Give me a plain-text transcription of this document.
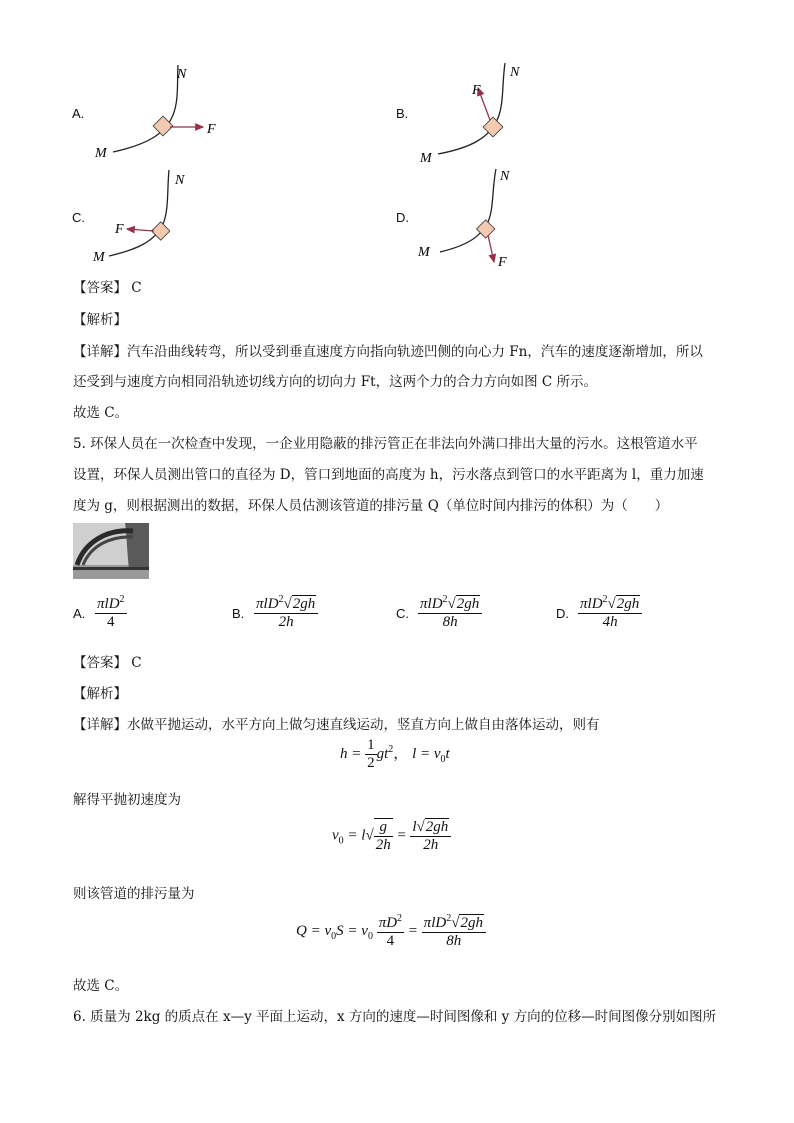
A.	B.
C.	D.
N
M
F
N
M
F
N
M
F
N
M
F
【答案】 C
【解析】
【详解】汽车沿曲线转弯，所以受到垂直速度方向指向轨迹凹侧的向心力 Fn，汽车的速度逐渐增加，所以
还受到与速度方向相同沿轨迹切线方向的切向力 Ft，这两个力的合力方向如图 C 所示。
故选 C。
5. 环保人员在一次检查中发现，一企业用隐蔽的排污管正在非法向外满口排出大量的污水。这根管道水平
设置，环保人员测出管口的直径为 D，管口到地面的高度为 h，污水落点到管口的水平距离为 l，重力加速
度为 g，则根据测出的数据，环保人员估测该管道的排污量 Q（单位时间内排污的体积）为（　　）
A.
πlD$^2$
4
B.
πlD$^2$√2gh
2h
C.
πlD$^2$√2gh
8h
D.
πlD$^2$√2gh
4h
【答案】 C
【解析】
【详解】水做平抛运动，水平方向上做匀速直线运动，竖直方向上做自由落体运动，则有
$h = \frac{1}{2} gt^2$， $l = v_0t$
解得平抛初速度为
$v_0 = l√ \frac{g}{2h} = \frac{l√2gh}{2h}$
则该管道的排污量为
$Q = v_0S = v_0 \frac{\pi D^2}{4} = \frac{\pi lD^2√2gh}{8h}$
故选 C。
6. 质量为 2kg 的质点在 x—y 平面上运动，x 方向的速度—时间图像和 y 方向的位移—时间图像分别如图所
